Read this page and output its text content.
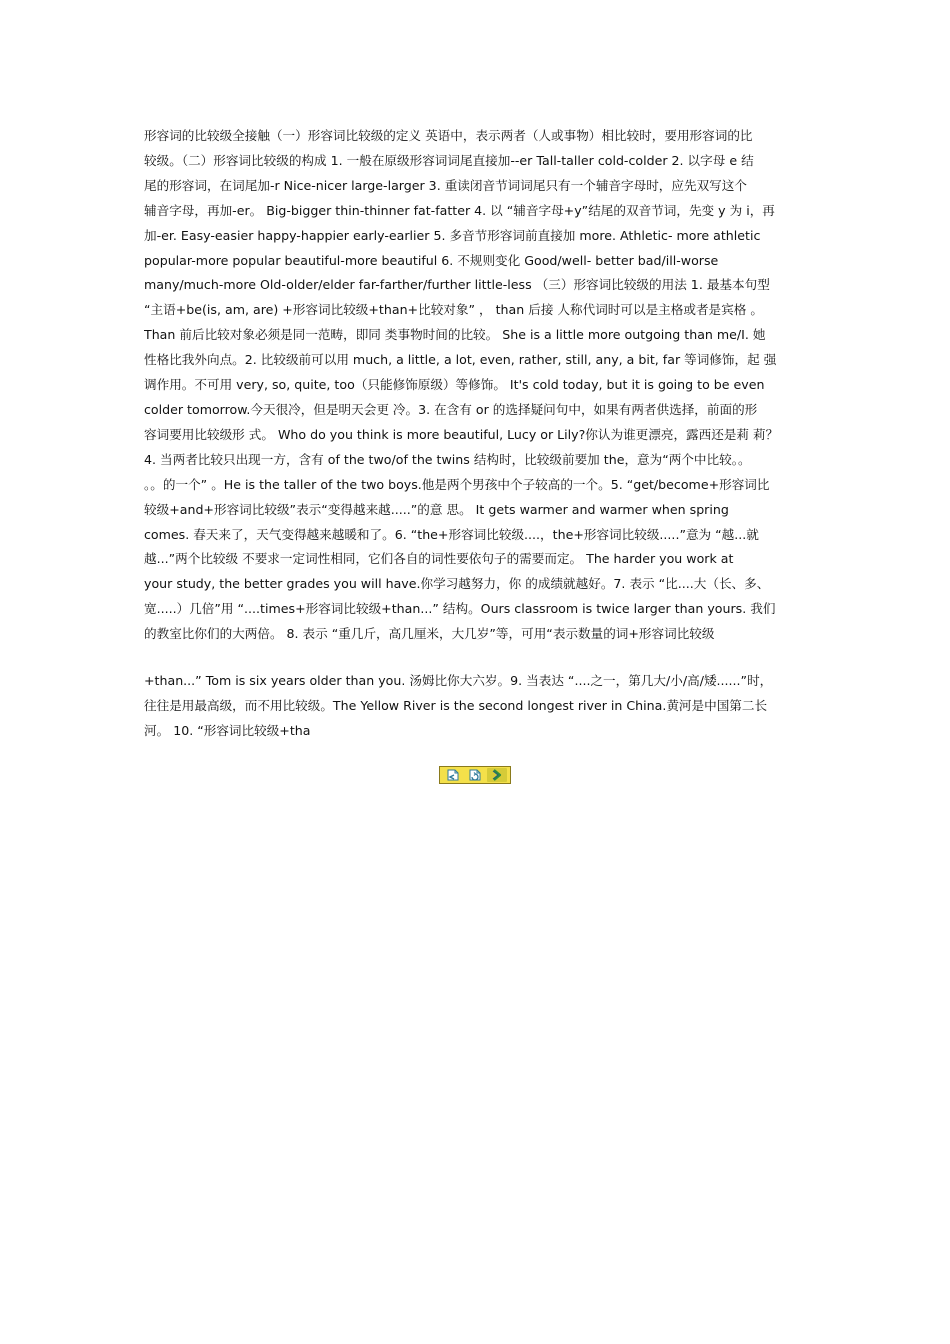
形容词的比较级全接触（一）形容词比较级的定义 英语中，表示两者（人或事物）相比较时，要用形容词的比
较级。（二）形容词比较级的构成 1. 一般在原级形容词词尾直接加--er Tall-taller cold-colder 2. 以字母 e 结
尾的形容词，在词尾加-r Nice-nicer large-larger 3. 重读闭音节词词尾只有一个辅音字母时，应先双写这个
辅音字母，再加-er。 Big-bigger thin-thinner fat-fatter 4. 以 “辅音字母+y”结尾的双音节词，先变 y 为 i，再
加-er. Easy-easier happy-happier early-earlier 5. 多音节形容词前直接加 more. Athletic- more athletic
popular-more popular beautiful-more beautiful 6. 不规则变化 Good/well- better bad/ill-worse
many/much-more Old-older/elder far-farther/further little-less （三）形容词比较级的用法 1. 最基本句型
“主语+be(is, am, are) +形容词比较级+than+比较对象” ， than 后接 人称代词时可以是主格或者是宾格 。
Than 前后比较对象必须是同一范畴，即同 类事物时间的比较。 She is a little more outgoing than me/I. 她
性格比我外向点。2. 比较级前可以用 much, a little, a lot, even, rather, still, any, a bit, far 等词修饰，起 强
调作用。不可用 very, so, quite, too（只能修饰原级）等修饰。 It's cold today, but it is going to be even
colder tomorrow.今天很冷，但是明天会更 冷。3. 在含有 or 的选择疑问句中，如果有两者供选择，前面的形
容词要用比较级形 式。 Who do you think is more beautiful, Lucy or Lily?你认为谁更漂亮，露西还是莉 莉？
4. 当两者比较只出现一方，含有 of the two/of the twins 结构时，比较级前要加 the，意为“两个中比较。。
。。的一个” 。He is the taller of the two boys.他是两个男孩中个子较高的一个。5. “get/become+形容词比
较级+and+形容词比较级”表示“变得越来越.....”的意 思。 It gets warmer and warmer when spring
comes. 春天来了，天气变得越来越暖和了。6. “the+形容词比较级....，the+形容词比较级.....”意为 “越...就
越...”两个比较级 不要求一定词性相同，它们各自的词性要依句子的需要而定。 The harder you work at
your study, the better grades you will have.你学习越努力，你 的成绩就越好。7. 表示 “比....大（长、多、
宽.....）几倍”用 “....times+形容词比较级+than...” 结构。Ours classroom is twice larger than yours. 我们
的教室比你们的大两倍。 8. 表示 “重几斤，高几厘米，大几岁”等，可用“表示数量的词+形容词比较级
+than...” Tom is six years older than you. 汤姆比你大六岁。9. 当表达 “....之一，第几大/小/高/矮......”时，
往往是用最高级，而不用比较级。The Yellow River is the second longest river in China.黄河是中国第二长
河。 10. “形容词比较级+tha
